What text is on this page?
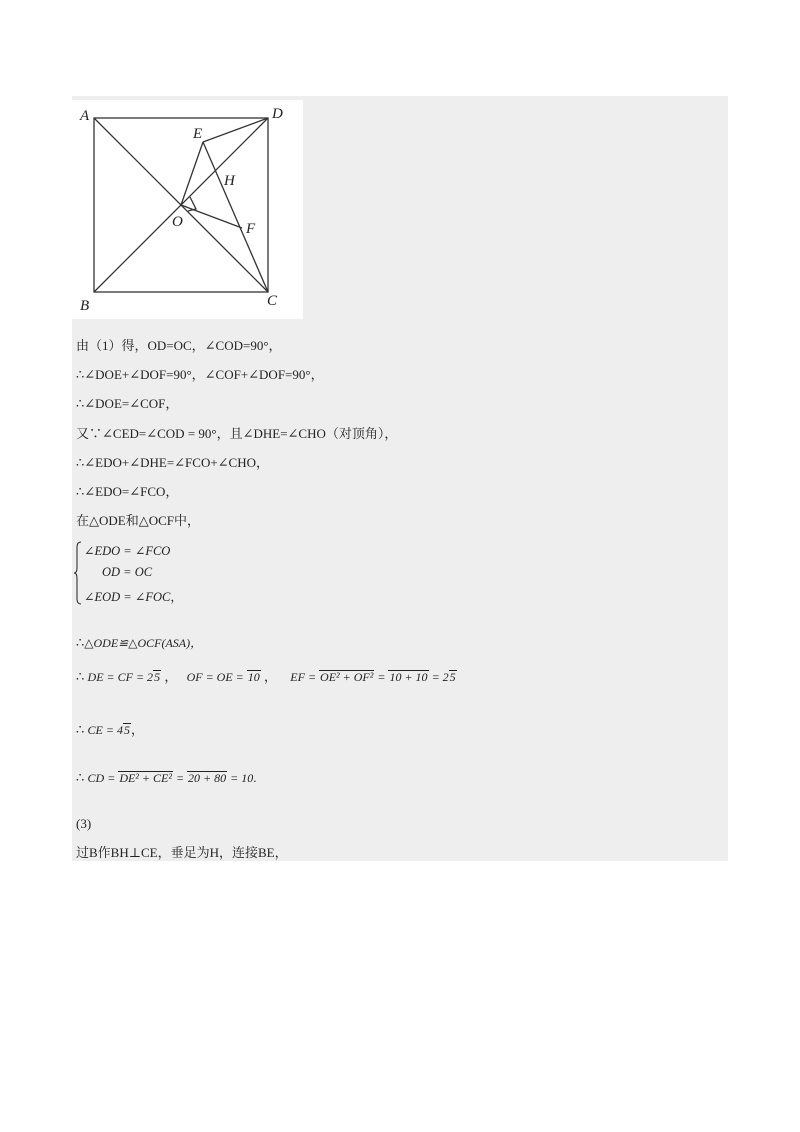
A	D
B	C
E
H
O	F
由（1）得，OD=OC，∠COD=90°，
∴∠DOE+∠DOF=90°，∠COF+∠DOF=90°，
∴∠DOE=∠COF，
又∵∠CED=∠COD = 90°，且∠DHE=∠CHO（对顶角），
∴∠EDO+∠DHE=∠FCO+∠CHO，
∴∠EDO=∠FCO，
在△ODE和△OCF中，
∠EDO = ∠FCO
OD = OC
∠EOD = ∠FOC，
∴△ODE≌△OCF(ASA)，
∴ DE = CF = 25 ， OF = OE = 10 ， EF = OE² + OF² = 10 + 10 = 25
∴ CE = 45，
∴ CD = DE² + CE² = 20 + 80 = 10.
(3)
过B作BH⊥CE，垂足为H，连接BE，
